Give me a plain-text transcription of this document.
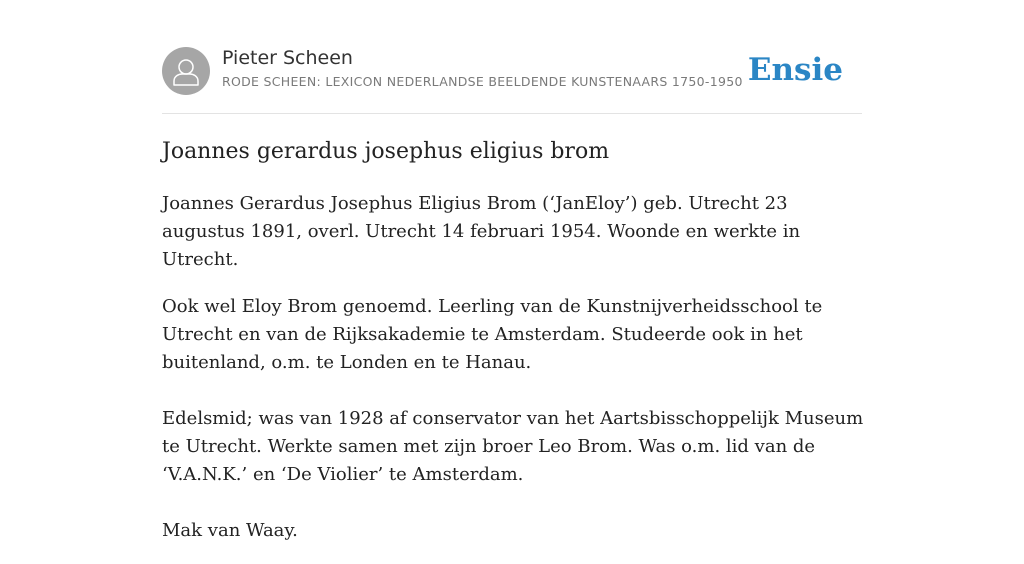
Pieter Scheen
RODE SCHEEN: LEXICON NEDERLANDSE BEELDENDE KUNSTENAARS 1750-1950 Ensie
Joannes gerardus josephus eligius brom

Joannes Gerardus Josephus Eligius Brom (‘JanEloy’) geb. Utrecht 23 augustus 1891, overl. Utrecht 14 februari 1954. Woonde en werkte in Utrecht.

Ook wel Eloy Brom genoemd. Leerling van de Kunstnijverheidsschool te Utrecht en van de Rijksakademie te Amsterdam. Studeerde ook in het buitenland, o.m. te Londen en te Hanau.

Edelsmid; was van 1928 af conservator van het Aartsbisschoppelijk Museum te Utrecht. Werkte samen met zijn broer Leo Brom. Was o.m. lid van de ‘V.A.N.K.’ en ‘De Violier’ te Amsterdam.

Mak van Waay.
